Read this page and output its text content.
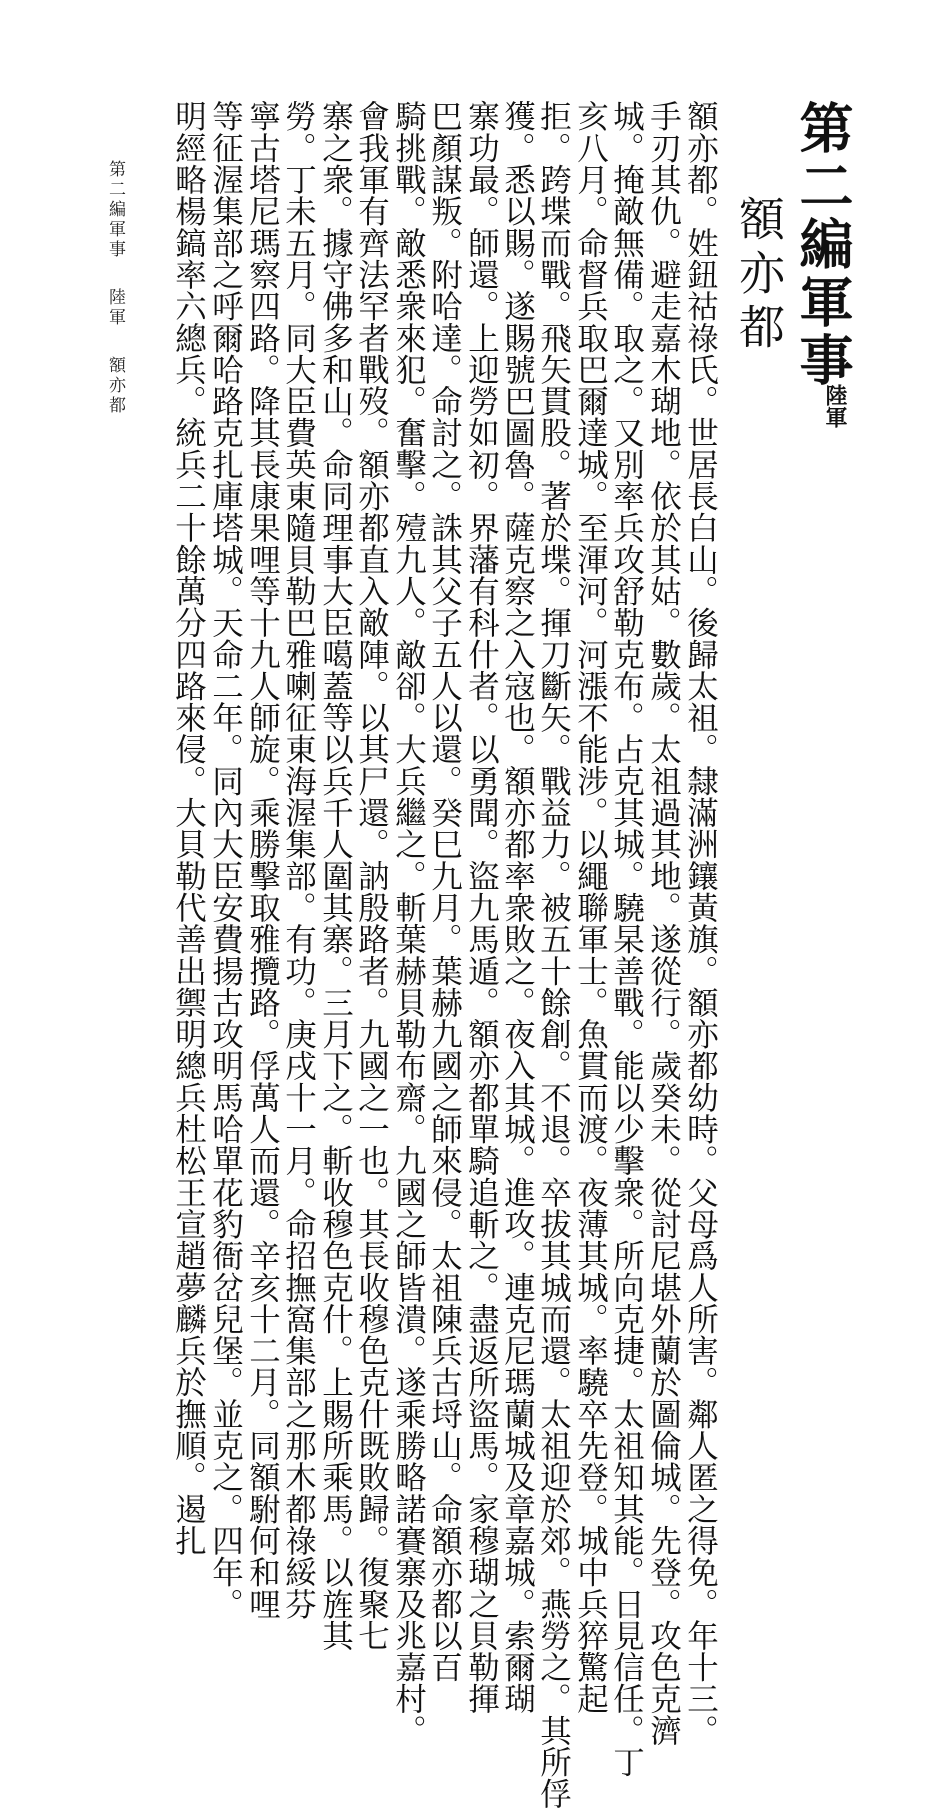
第二編軍事
陸軍
額亦都
額亦都。姓鈕祜祿氏。世居長白山。後歸太祖。隸滿洲鑲黃旗。額亦都幼時。父母爲人所害。鄰人匿之得免。年十三。
手刃其仇。避走嘉木瑚地。依於其姑。數歲。太祖過其地。遂從行。歲癸未。從討尼堪外蘭於圖倫城。先登。攻色克濟
城。掩敵無備。取之。又別率兵攻舒勒克布。占克其城。驍杲善戰。能以少擊衆。所向克捷。太祖知其能。日見信任。丁
亥八月。命督兵取巴爾達城。至渾河。河漲不能涉。以繩聯軍士。魚貫而渡。夜薄其城。率驍卒先登。城中兵猝驚起
拒。跨堞而戰。飛矢貫股。著於堞。揮刀斷矢。戰益力。被五十餘創。不退。卒拔其城而還。太祖迎於郊。燕勞之。其所俘
獲。悉以賜。遂賜號巴圖魯。薩克察之入寇也。額亦都率衆敗之。夜入其城。進攻。連克尼瑪蘭城及章嘉城。索爾瑚
寨功最。師還。上迎勞如初。界藩有科什者。以勇聞。盜九馬遁。額亦都單騎追斬之。盡返所盜馬。家穆瑚之貝勒揮
巴顏謀叛。附哈達。命討之。誅其父子五人以還。癸巳九月。葉赫九國之師來侵。太祖陳兵古埒山。命額亦都以百
騎挑戰。敵悉衆來犯。奮擊。殪九人。敵卻。大兵繼之。斬葉赫貝勒布齋。九國之師皆潰。遂乘勝略諾賽寨及兆嘉村。
會我軍有齊法罕者戰歿。額亦都直入敵陣。以其尸還。訥殷路者。九國之一也。其長收穆色克什既敗歸。復聚七
寨之衆。據守佛多和山。命同理事大臣噶蓋等以兵千人圍其寨。三月下之。斬收穆色克什。上賜所乘馬。以旌其
勞。丁未五月。同大臣費英東隨貝勒巴雅喇征東海渥集部。有功。庚戌十一月。命招撫窩集部之那木都祿綏芬
寧古塔尼瑪察四路。降其長康果哩等十九人師旋。乘勝擊取雅攬路。俘萬人而還。辛亥十二月。同額駙何和哩
等征渥集部之呼爾哈路克扎庫塔城。天命二年。同內大臣安費揚古攻明馬哈單花豹衙岔兒堡。並克之。四年。
明經略楊鎬率六總兵。統兵二十餘萬分四路來侵。大貝勒代善出禦明總兵杜松王宣趙夢麟兵於撫順。遏扎
第二編軍事陸軍額亦都
